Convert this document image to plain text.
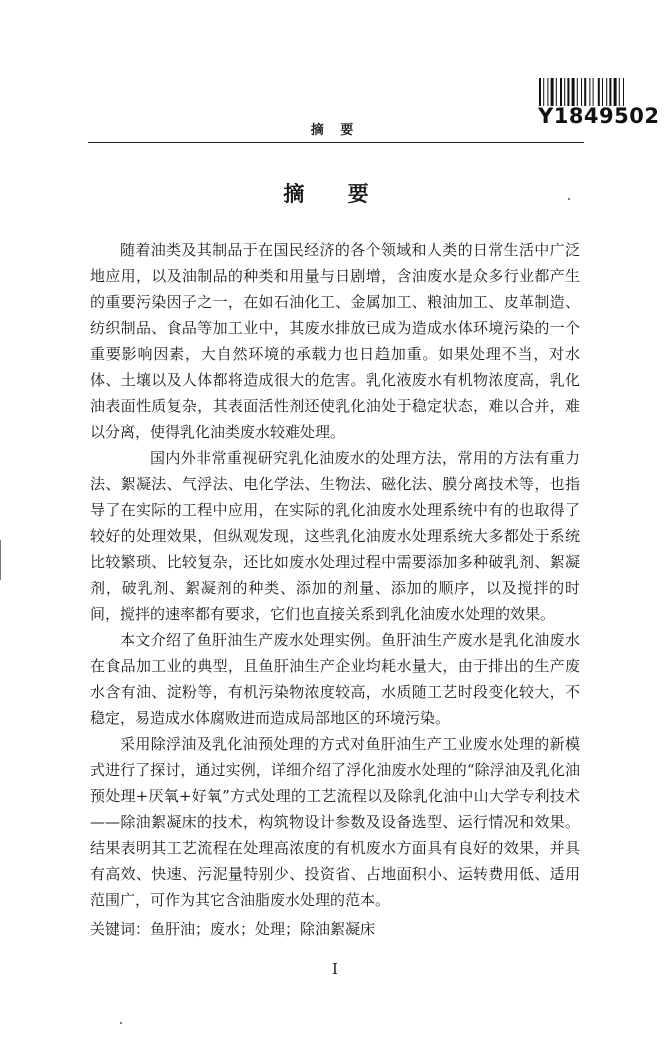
Y1849502
摘 要
摘 要

随着油类及其制品于在国民经济的各个领域和人类的日常生活中广泛地应用，以及油制品的种类和用量与日剧增，含油废水是众多行业都产生的重要污染因子之一，在如石油化工、金属加工、粮油加工、皮革制造、纺织制品、食品等加工业中，其废水排放已成为造成水体环境污染的一个重要影响因素，大自然环境的承载力也日趋加重。如果处理不当，对水体、土壤以及人体都将造成很大的危害。乳化液废水有机物浓度高，乳化油表面性质复杂，其表面活性剂还使乳化油处于稳定状态，难以合并，难以分离，使得乳化油类废水较难处理。

国内外非常重视研究乳化油废水的处理方法，常用的方法有重力法、絮凝法、气浮法、电化学法、生物法、磁化法、膜分离技术等，也指导了在实际的工程中应用，在实际的乳化油废水处理系统中有的也取得了较好的处理效果，但纵观发现，这些乳化油废水处理系统大多都处于系统比较繁琐、比较复杂，还比如废水处理过程中需要添加多种破乳剂、絮凝剂，破乳剂、絮凝剂的种类、添加的剂量、添加的顺序，以及搅拌的时间，搅拌的速率都有要求，它们也直接关系到乳化油废水处理的效果。

本文介绍了鱼肝油生产废水处理实例。鱼肝油生产废水是乳化油废水在食品加工业的典型，且鱼肝油生产企业均耗水量大，由于排出的生产废水含有油、淀粉等，有机污染物浓度较高，水质随工艺时段变化较大，不稳定，易造成水体腐败进而造成局部地区的环境污染。

采用除浮油及乳化油预处理的方式对鱼肝油生产工业废水处理的新模式进行了探讨，通过实例，详细介绍了浮化油废水处理的“除浮油及乳化油预处理+厌氧+好氧”方式处理的工艺流程以及除乳化油中山大学专利技术——除油絮凝床的技术，构筑物设计参数及设备选型、运行情况和效果。结果表明其工艺流程在处理高浓度的有机废水方面具有良好的效果，并具有高效、快速、污泥量特别少、投资省、占地面积小、运转费用低、适用范围广，可作为其它含油脂废水处理的范本。

关键词：鱼肝油；废水；处理；除油絮凝床
I
